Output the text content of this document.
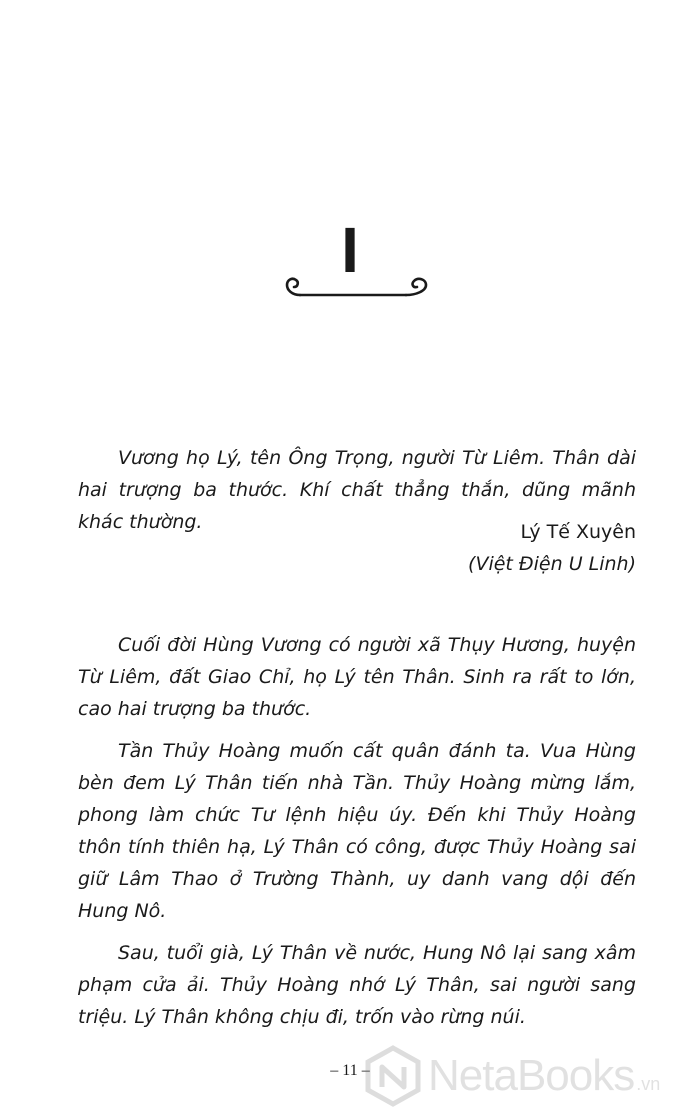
I

Vương họ Lý, tên Ông Trọng, người Từ Liêm. Thân dài hai trượng ba thước. Khí chất thẳng thắn, dũng mãnh khác thường.	Lý Tế Xuyên
(Việt Điện U Linh)

Cuối đời Hùng Vương có người xã Thụy Hương, huyện Từ Liêm, đất Giao Chỉ, họ Lý tên Thân. Sinh ra rất to lớn, cao hai trượng ba thước.

Tần Thủy Hoàng muốn cất quân đánh ta. Vua Hùng bèn đem Lý Thân tiến nhà Tần. Thủy Hoàng mừng lắm, phong làm chức Tư lệnh hiệu úy. Đến khi Thủy Hoàng thôn tính thiên hạ, Lý Thân có công, được Thủy Hoàng sai giữ Lâm Thao ở Trường Thành, uy danh vang dội đến Hung Nô.

Sau, tuổi già, Lý Thân về nước, Hung Nô lại sang xâm phạm cửa ải. Thủy Hoàng nhớ Lý Thân, sai người sang triệu. Lý Thân không chịu đi, trốn vào rừng núi.

– 11 –	NetaBooks .vn
